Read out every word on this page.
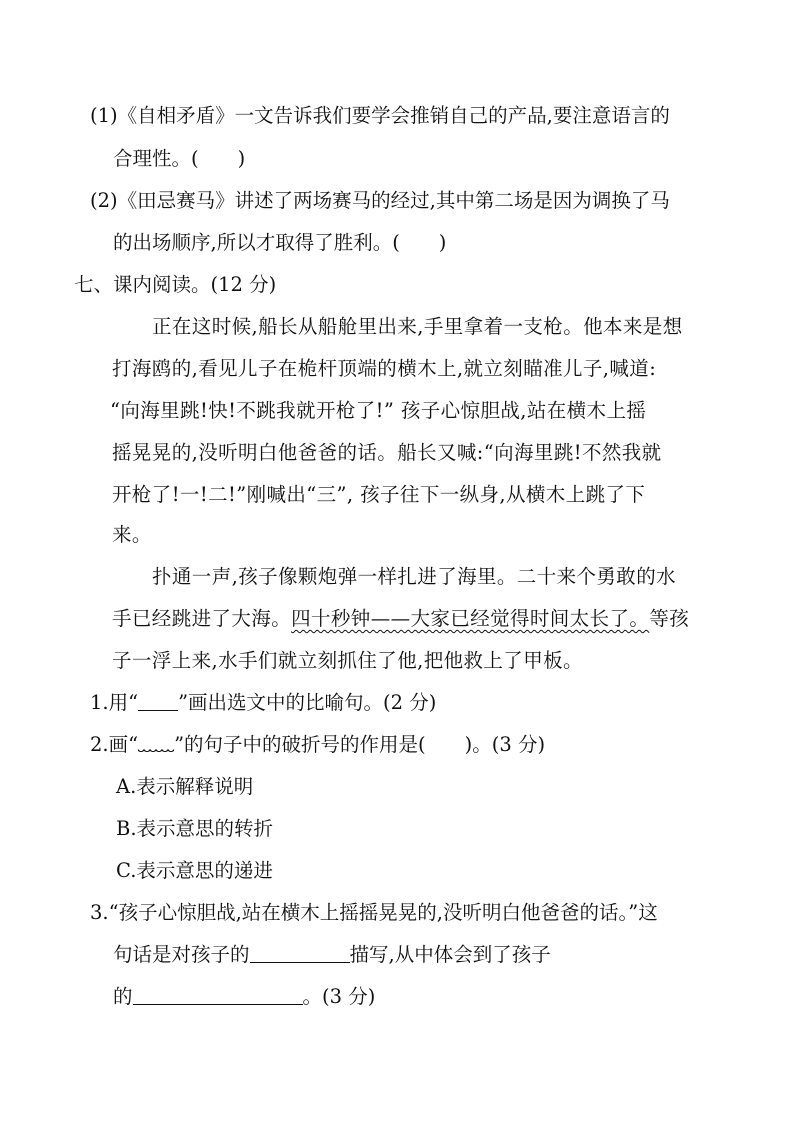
(1)《自相矛盾》一文告诉我们要学会推销自己的产品,要注意语言的
合理性。(　　)
(2)《田忌赛马》讲述了两场赛马的经过,其中第二场是因为调换了马
的出场顺序,所以才取得了胜利。(　　)
七、课内阅读。(12 分)
正在这时候,船长从船舱里出来,手里拿着一支枪。他本来是想
打海鸥的,看见儿子在桅杆顶端的横木上,就立刻瞄准儿子,喊道:
“向海里跳!快!不跳我就开枪了!” 孩子心惊胆战,站在横木上摇
摇晃晃的,没听明白他爸爸的话。船长又喊:“向海里跳!不然我就
开枪了!一!二!”刚喊出“三”, 孩子往下一纵身,从横木上跳了下
来。
扑通一声,孩子像颗炮弹一样扎进了海里。二十来个勇敢的水
手已经跳进了大海。四十秒钟——大家已经觉得时间太长了。等孩
子一浮上来,水手们就立刻抓住了他,把他救上了甲板。
1.用“ ”画出选文中的比喻句。(2 分)
2.画“ ”的句子中的破折号的作用是(　　)。(3 分)
A.表示解释说明
B.表示意思的转折
C.表示意思的递进
3.“孩子心惊胆战,站在横木上摇摇晃晃的,没听明白他爸爸的话。”这
句话是对孩子的	描写,从中体会到了孩子
的	。(3 分)
